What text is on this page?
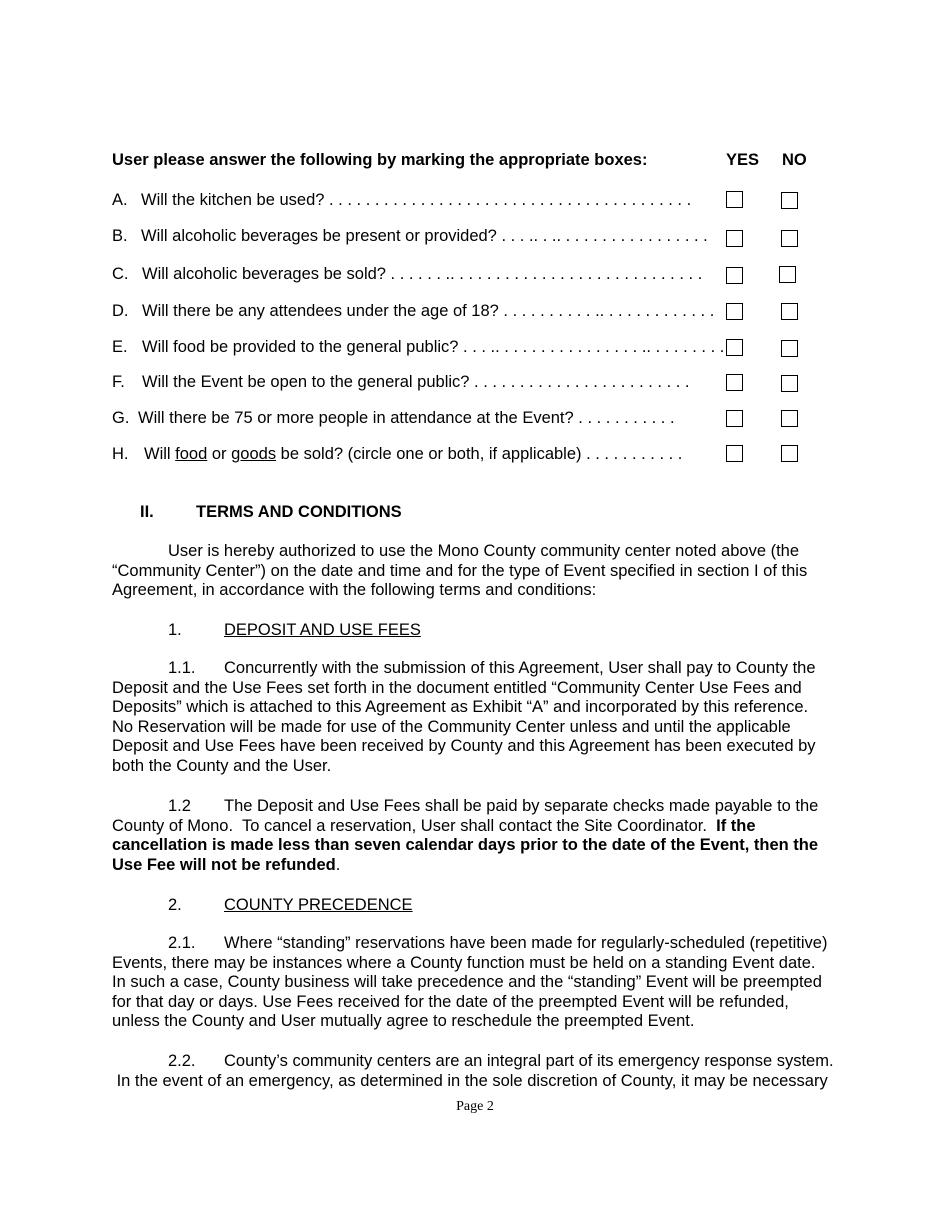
User please answer the following by marking the appropriate boxes:	YES NO
A. Will the kitchen be used? . . . . . . . . . . . . . . . . . . . . . . . . . . . . . . . . . . . . . . . .
B. Will alcoholic beverages be present or provided? . . . .. . .. . . . . . . . . . . . . . . . .
C. Will alcoholic beverages be sold? . . . . . . .. . . . . . . . . . . . . . . . . . . . . . . . . . . .
D. Will there be any attendees under the age of 18? . . . . . . . . . . .. . . . . . . . . . . . .
E. Will food be provided to the general public? . . . .. . . . . . . . . . . . . . . . .. . . . . . . . .
F. Will the Event be open to the general public? . . . . . . . . . . . . . . . . . . . . . . . .
G. Will there be 75 or more people in attendance at the Event? . . . . . . . . . . .
H. Will food or goods be sold? (circle one or both, if applicable) . . . . . . . . . . .
II.	TERMS AND CONDITIONS
User is hereby authorized to use the Mono County community center noted above (the
“Community Center”) on the date and time and for the type of Event specified in section I of this
Agreement, in accordance with the following terms and conditions:
1.	DEPOSIT AND USE FEES
1.1. Concurrently with the submission of this Agreement, User shall pay to County the
Deposit and the Use Fees set forth in the document entitled “Community Center Use Fees and
Deposits” which is attached to this Agreement as Exhibit “A” and incorporated by this reference.
No Reservation will be made for use of the Community Center unless and until the applicable
Deposit and Use Fees have been received by County and this Agreement has been executed by
both the County and the User.
1.2 The Deposit and Use Fees shall be paid by separate checks made payable to the
County of Mono.  To cancel a reservation, User shall contact the Site Coordinator.  If the
cancellation is made less than seven calendar days prior to the date of the Event, then the
Use Fee will not be refunded.
2.	COUNTY PRECEDENCE
2.1. Where “standing” reservations have been made for regularly-scheduled (repetitive)
Events, there may be instances where a County function must be held on a standing Event date.
In such a case, County business will take precedence and the “standing” Event will be preempted
for that day or days. Use Fees received for the date of the preempted Event will be refunded,
unless the County and User mutually agree to reschedule the preempted Event.
2.2. County’s community centers are an integral part of its emergency response system.
In the event of an emergency, as determined in the sole discretion of County, it may be necessary
Page 2
